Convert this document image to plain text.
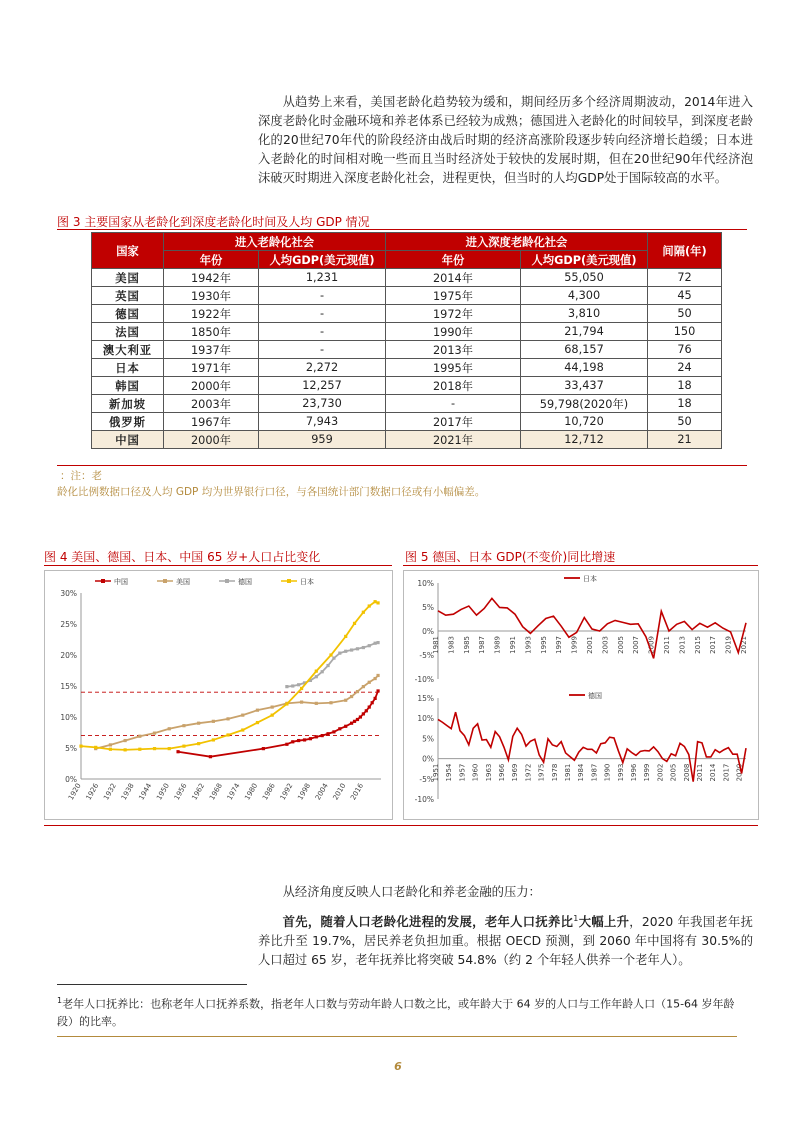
从趋势上来看，美国老龄化趋势较为缓和，期间经历多个经济周期波动，2014年进入深度老龄化时金融环境和养老体系已经较为成熟；德国进入老龄化的时间较早，到深度老龄化的20世纪70年代的阶段经济由战后时期的经济高涨阶段逐步转向经济增长趋缓；日本进入老龄化的时间相对晚一些而且当时经济处于较快的发展时期，但在20世纪90年代经济泡沫破灭时期进入深度老龄化社会，进程更快，但当时的人均GDP处于国际较高的水平。
图 3 主要国家从老龄化到深度老龄化时间及人均 GDP 情况
国家	进入老龄化社会		进入深度老龄化社会		间隔(年)
	年份	人均GDP(美元现值)	年份	人均GDP(美元现值)	
美国	1942年	1,231	2014年	55,050	72
英国	1930年	-	1975年	4,300	45
德国	1922年	-	1972年	3,810	50
法国	1850年	-	1990年	21,794	150
澳大利亚	1937年	-	2013年	68,157	76
日本	1971年	2,272	1995年	44,198	24
韩国	2000年	12,257	2018年	33,437	18
新加坡	2003年	23,730	-	59,798(2020年)	18
俄罗斯	1967年	7,943	2017年	10,720	50
中国	2000年	959	2021年	12,712	21
：注：老
龄化比例数据口径及人均 GDP 均为世界银行口径，与各国统计部门数据口径或有小幅偏差。
图 4 美国、德国、日本、中国 65 岁+人口占比变化	图 5 德国、日本 GDP(不变价)同比增速
0%
5%
10%
15%
20%
25%
30%
1920 1926 1932 1938 1944 1950 1956 1962 1968 1974 1980 1986 1992 1998 2004 2010 2016
中国	美国	德国	日本
-10%
-5%
0%
5%
10%
1981 1983 1985 1987 1989 1991 1993 1995 1997 1999 2001 2003 2005 2007 2009 2011 2013 2015 2017 2019 2021
日本
-10%
-5%
0%
5%
10%
15%
1951 1954 1957 1960 1963 1966 1969 1972 1975 1978 1981 1984 1987 1990 1993 1996 1999 2002 2005 2008 2011 2014 2017 2020
德国
从经济角度反映人口老龄化和养老金融的压力：
首先，随着人口老龄化进程的发展，老年人口抚养比$^1$大幅上升，2020 年我国老年抚养比升至 19.7%，居民养老负担加重。根据 OECD 预测，到 2060 年中国将有 30.5%的人口超过 65 岁，老年抚养比将突破 54.8%（约 2 个年轻人供养一个老年人）。
$^1$老年人口抚养比：也称老年人口抚养系数，指老年人口数与劳动年龄人口数之比，或年龄大于 64 岁的人口与工作年龄人口（15-64 岁年龄段）的比率。
6
